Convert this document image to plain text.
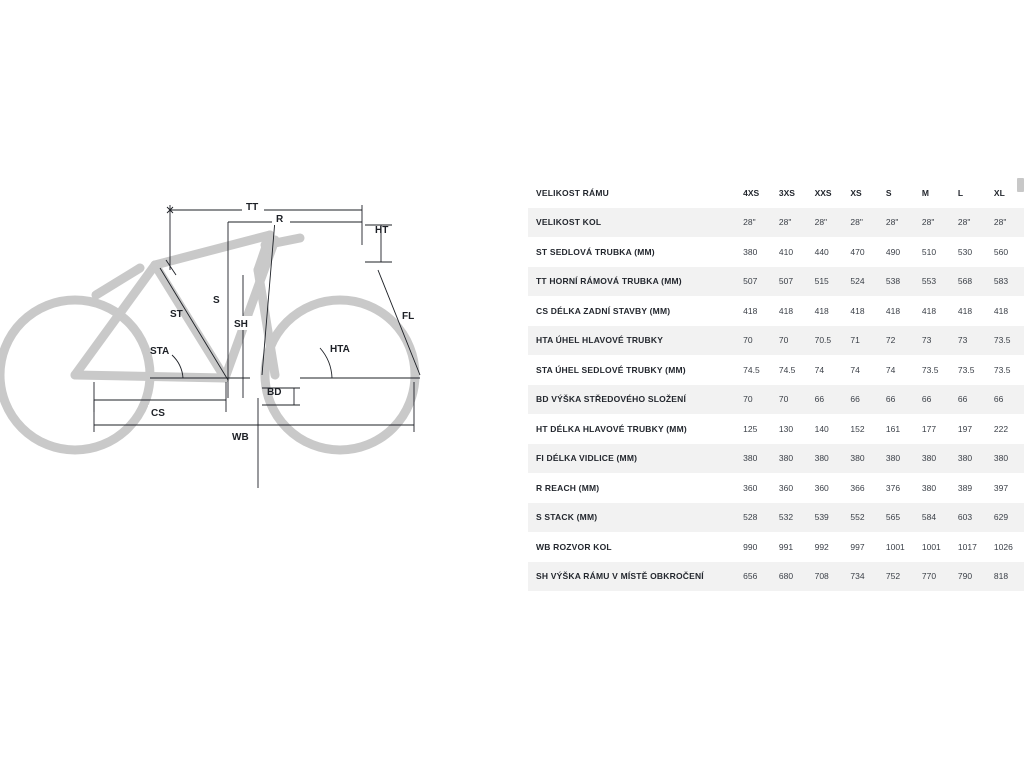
TT
R
HT
ST
S
SH
FL
STA	HTA
BD
CS
WB
VELIKOST RÁMU	4XS	3XS	XXS	XS	S	M	L	XL
VELIKOST KOL	28"	28"	28"	28"	28"	28"	28"	28"
ST SEDLOVÁ TRUBKA (MM)	380	410	440	470	490	510	530	560
TT HORNÍ RÁMOVÁ TRUBKA (MM)	507	507	515	524	538	553	568	583
CS DÉLKA ZADNÍ STAVBY (MM)	418	418	418	418	418	418	418	418
HTA ÚHEL HLAVOVÉ TRUBKY	70	70	70.5	71	72	73	73	73.5
STA ÚHEL SEDLOVÉ TRUBKY (MM)	74.5	74.5	74	74	74	73.5	73.5	73.5
BD VÝŠKA STŘEDOVÉHO SLOŽENÍ	70	70	66	66	66	66	66	66
HT DÉLKA HLAVOVÉ TRUBKY (MM)	125	130	140	152	161	177	197	222
FI DÉLKA VIDLICE (MM)	380	380	380	380	380	380	380	380
R REACH (MM)	360	360	360	366	376	380	389	397
S STACK (MM)	528	532	539	552	565	584	603	629
WB ROZVOR KOL	990	991	992	997	1001	1001	1017	1026
SH VÝŠKA RÁMU V MÍSTĚ OBKROČENÍ	656	680	708	734	752	770	790	818
